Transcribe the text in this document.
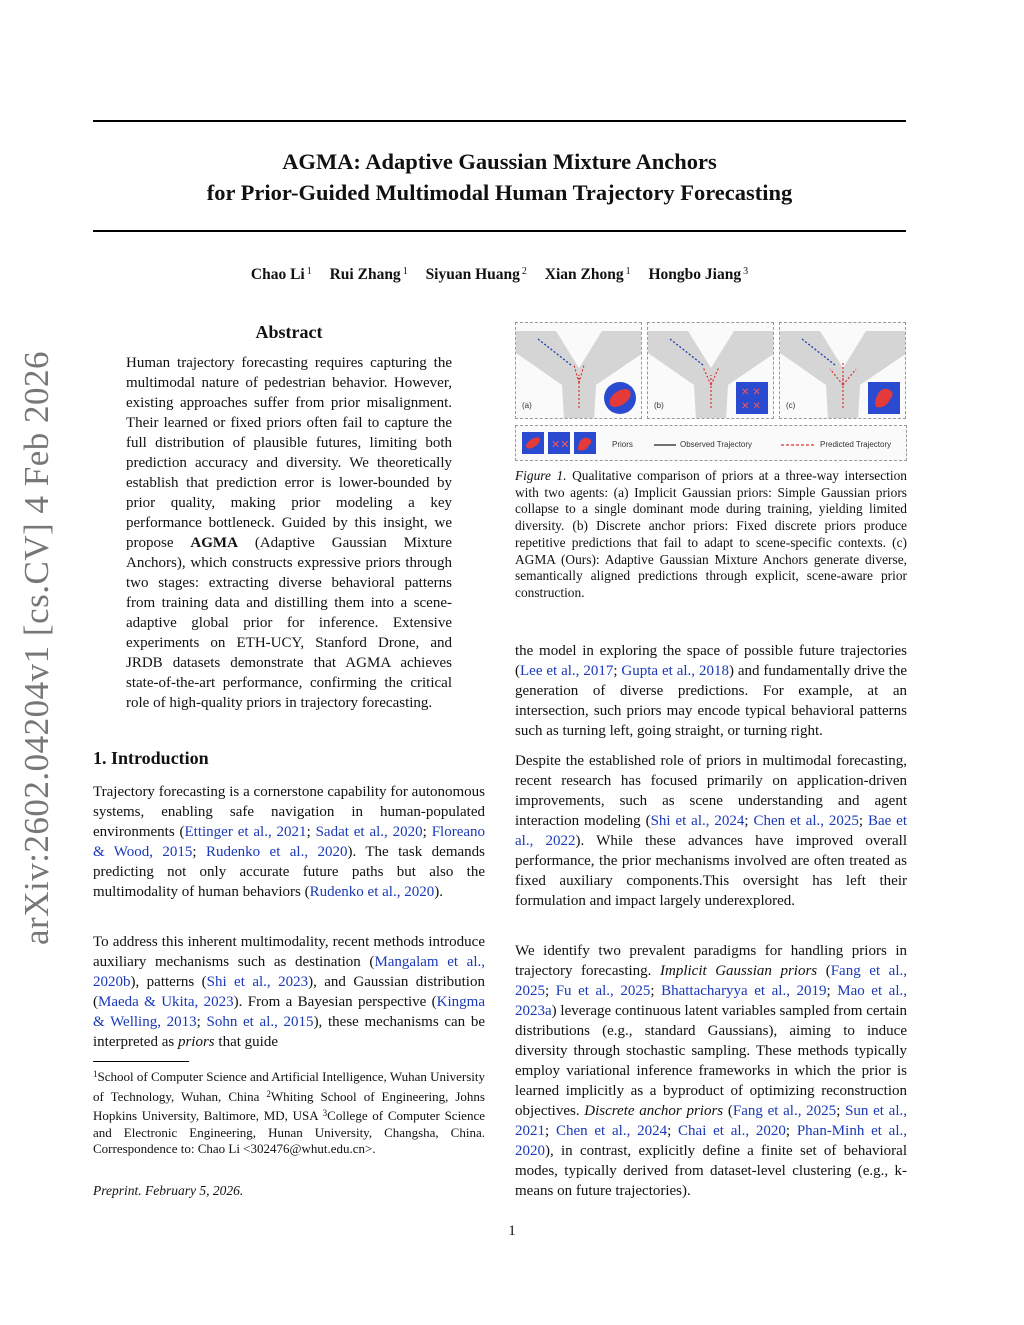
arXiv:2602.04204v1 [cs.CV] 4 Feb 2026
AGMA: Adaptive Gaussian Mixture Anchors
for Prior-Guided Multimodal Human Trajectory Forecasting
Chao Li $^1$ Rui Zhang $^1$ Siyuan Huang $^2$ Xian Zhong $^1$ Hongbo Jiang $^3$
Abstract
Human trajectory forecasting requires capturing the multimodal nature of pedestrian behavior. However, existing approaches suffer from prior misalignment. Their learned or fixed priors often fail to capture the full distribution of plausible futures, limiting both prediction accuracy and diversity. We theoretically establish that prediction error is lower-bounded by prior quality, making prior modeling a key performance bottleneck. Guided by this insight, we propose AGMA (Adaptive Gaussian Mixture Anchors), which constructs expressive priors through two stages: extracting diverse behavioral patterns from training data and distilling them into a scene-adaptive global prior for inference. Extensive experiments on ETH-UCY, Stanford Drone, and JRDB datasets demonstrate that AGMA achieves state-of-the-art performance, confirming the critical role of high-quality priors in trajectory forecasting.
1. Introduction
Trajectory forecasting is a cornerstone capability for autonomous systems, enabling safe navigation in human-populated environments (Ettinger et al., 2021; Sadat et al., 2020; Floreano & Wood, 2015; Rudenko et al., 2020). The task demands predicting not only accurate future paths but also the multimodality of human behaviors (Rudenko et al., 2020).
To address this inherent multimodality, recent methods introduce auxiliary mechanisms such as destination (Mangalam et al., 2020b), patterns (Shi et al., 2023), and Gaussian distribution (Maeda & Ukita, 2023). From a Bayesian perspective (Kingma & Welling, 2013; Sohn et al., 2015), these mechanisms can be interpreted as priors that guide
$^1$School of Computer Science and Artificial Intelligence, Wuhan University of Technology, Wuhan, China $^2$Whiting School of Engineering, Johns Hopkins University, Baltimore, MD, USA $^3$College of Computer Science and Electronic Engineering, Hunan University, Changsha, China. Correspondence to: Chao Li <302476@whut.edu.cn>.
Preprint. February 5, 2026.
(a)
✕ ✕
✕ ✕
(b)	(c)
✕✕	Priors	Observed Trajectory	Predicted Trajectory
Figure 1. Qualitative comparison of priors at a three-way intersection with two agents: (a) Implicit Gaussian priors: Simple Gaussian priors collapse to a single dominant mode during training, yielding limited diversity. (b) Discrete anchor priors: Fixed discrete priors produce repetitive predictions that fail to adapt to scene-specific contexts. (c) AGMA (Ours): Adaptive Gaussian Mixture Anchors generate diverse, semantically aligned predictions through explicit, scene-aware prior construction.
the model in exploring the space of possible future trajectories (Lee et al., 2017; Gupta et al., 2018) and fundamentally drive the generation of diverse predictions. For example, at an intersection, such priors may encode typical behavioral patterns such as turning left, going straight, or turning right.
Despite the established role of priors in multimodal forecasting, recent research has focused primarily on application-driven improvements, such as scene understanding and agent interaction modeling (Shi et al., 2024; Chen et al., 2025; Bae et al., 2022). While these advances have improved overall performance, the prior mechanisms involved are often treated as fixed auxiliary components.This oversight has left their formulation and impact largely underexplored.
We identify two prevalent paradigms for handling priors in trajectory forecasting. Implicit Gaussian priors (Fang et al., 2025; Fu et al., 2025; Bhattacharyya et al., 2019; Mao et al., 2023a) leverage continuous latent variables sampled from certain distributions (e.g., standard Gaussians), aiming to induce diversity through stochastic sampling. These methods typically employ variational inference frameworks in which the prior is learned implicitly as a byproduct of optimizing reconstruction objectives. Discrete anchor priors (Fang et al., 2025; Sun et al., 2021; Chen et al., 2024; Chai et al., 2020; Phan-Minh et al., 2020), in contrast, explicitly define a finite set of behavioral modes, typically derived from dataset-level clustering (e.g., k-means on future trajectories).
1
